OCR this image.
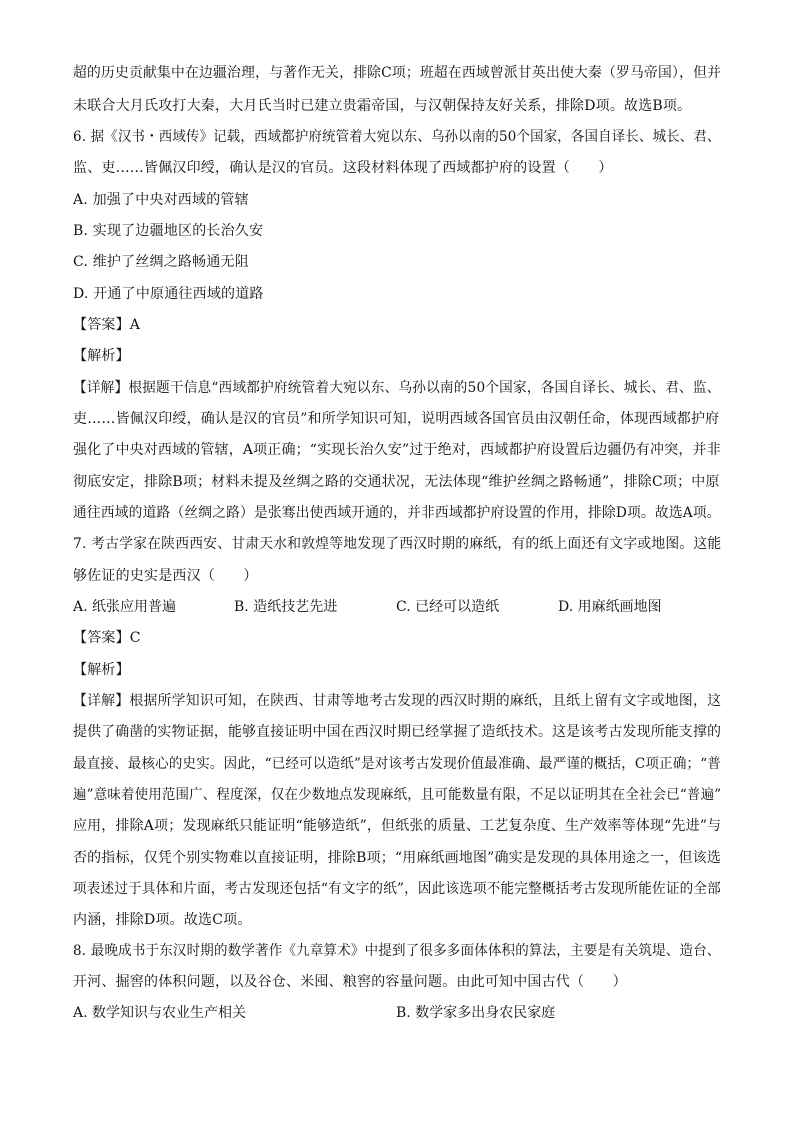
超的历史贡献集中在边疆治理，与著作无关，排除C项；班超在西域曾派甘英出使大秦（罗马帝国），但并
未联合大月氏攻打大秦，大月氏当时已建立贵霜帝国，与汉朝保持友好关系，排除D项。故选B项。
6. 据《汉书・西域传》记载，西域都护府统管着大宛以东、乌孙以南的50个国家，各国自译长、城长、君、
监、吏……皆佩汉印绶，确认是汉的官员。这段材料体现了西域都护府的设置（　　）
A. 加强了中央对西域的管辖
B. 实现了边疆地区的长治久安
C. 维护了丝绸之路畅通无阻
D. 开通了中原通往西域的道路
【答案】A
【解析】
【详解】根据题干信息“西域都护府统管着大宛以东、乌孙以南的50个国家，各国自译长、城长、君、监、
吏……皆佩汉印绶，确认是汉的官员”和所学知识可知，说明西域各国官员由汉朝任命，体现西域都护府
强化了中央对西域的管辖，A项正确；“实现长治久安”过于绝对，西域都护府设置后边疆仍有冲突，并非
彻底安定，排除B项；材料未提及丝绸之路的交通状况，无法体现“维护丝绸之路畅通”，排除C项；中原
通往西域的道路（丝绸之路）是张骞出使西域开通的，并非西域都护府设置的作用，排除D项。故选A项。
7. 考古学家在陕西西安、甘肃天水和敦煌等地发现了西汉时期的麻纸，有的纸上面还有文字或地图。这能
够佐证的史实是西汉（　　）
A. 纸张应用普遍	B. 造纸技艺先进	C. 已经可以造纸	D. 用麻纸画地图
【答案】C
【解析】
【详解】根据所学知识可知，在陕西、甘肃等地考古发现的西汉时期的麻纸，且纸上留有文字或地图，这
提供了确凿的实物证据，能够直接证明中国在西汉时期已经掌握了造纸技术。这是该考古发现所能支撑的
最直接、最核心的史实。因此，“已经可以造纸”是对该考古发现价值最准确、最严谨的概括，C项正确；“普
遍”意味着使用范围广、程度深，仅在少数地点发现麻纸，且可能数量有限，不足以证明其在全社会已“普遍”
应用，排除A项；发现麻纸只能证明“能够造纸”，但纸张的质量、工艺复杂度、生产效率等体现“先进”与
否的指标，仅凭个别实物难以直接证明，排除B项；“用麻纸画地图”确实是发现的具体用途之一，但该选
项表述过于具体和片面，考古发现还包括“有文字的纸”，因此该选项不能完整概括考古发现所能佐证的全部
内涵，排除D项。故选C项。
8. 最晚成书于东汉时期的数学著作《九章算术》中提到了很多多面体体积的算法，主要是有关筑堤、造台、
开河、掘窖的体积问题，以及谷仓、米囤、粮窖的容量问题。由此可知中国古代（　　）
A. 数学知识与农业生产相关	B. 数学家多出身农民家庭
